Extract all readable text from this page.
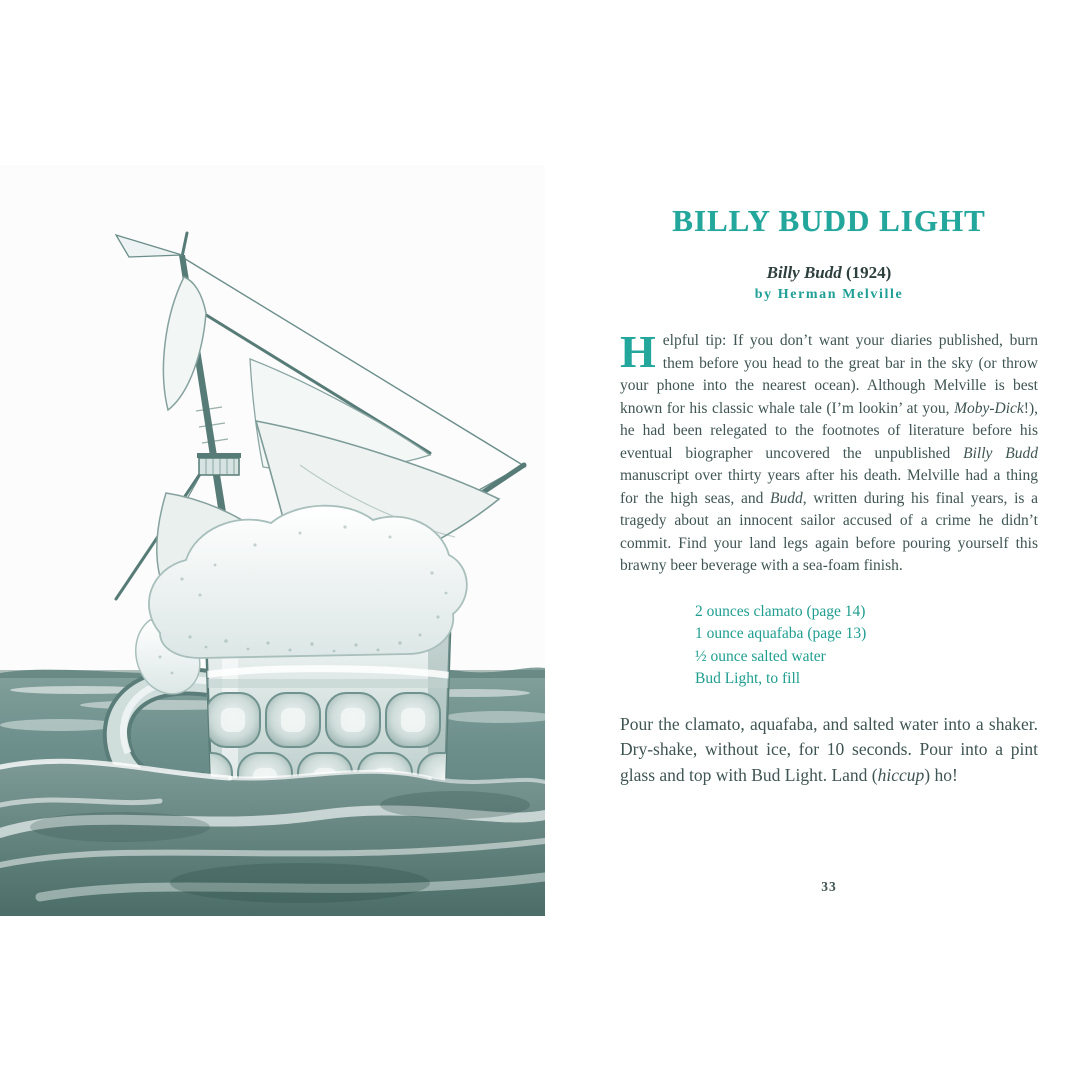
BILLY BUDD LIGHT
Billy Budd (1924)
by Herman Melville
Helpful tip: If you don’t want your diaries published, burn them before you head to the great bar in the sky (or throw your phone into the nearest ocean). Although Melville is best known for his classic whale tale (I’m lookin’ at you, Moby-Dick!), he had been relegated to the footnotes of literature before his eventual biographer uncovered the unpublished Billy Budd manuscript over thirty years after his death. Melville had a thing for the high seas, and Budd, written during his final years, is a tragedy about an innocent sailor accused of a crime he didn’t commit. Find your land legs again before pouring yourself this brawny beer beverage with a sea-foam finish.
2 ounces clamato (page 14)
1 ounce aquafaba (page 13)
½ ounce salted water
Bud Light, to fill
Pour the clamato, aquafaba, and salted water into a shaker. Dry-shake, without ice, for 10 seconds. Pour into a pint glass and top with Bud Light. Land (hiccup) ho!
33
